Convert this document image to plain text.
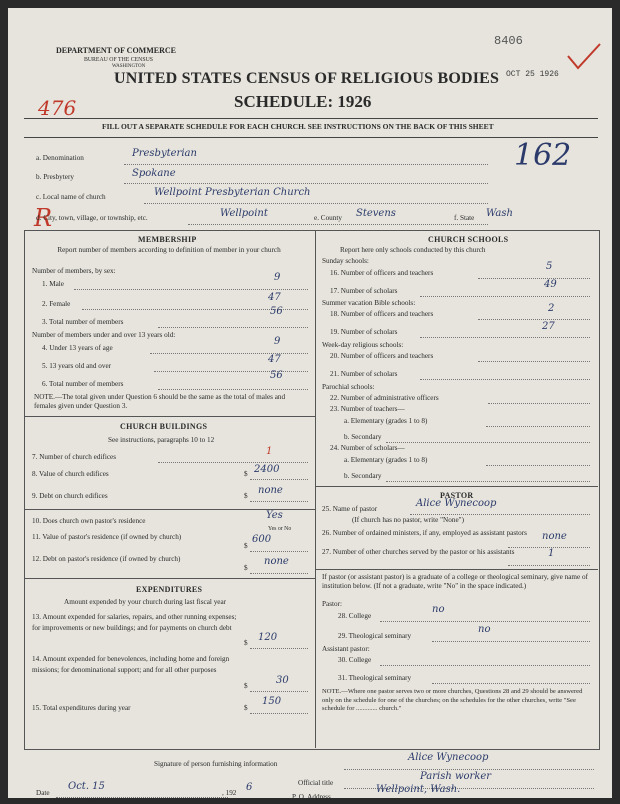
DEPARTMENT OF COMMERCE
BUREAU OF THE CENSUS
WASHINGTON
8406
OCT 25 1926
UNITED STATES CENSUS OF RELIGIOUS BODIES
SCHEDULE: 1926
476
FILL OUT A SEPARATE SCHEDULE FOR EACH CHURCH. SEE INSTRUCTIONS ON THE BACK OF THIS SHEET
162
R
a. Denomination	Presbyterian
b. Presbytery	Spokane
c. Local name of church	Wellpoint Presbyterian Church
d. City, town, village, or township, etc.	Wellpoint	e. County Stevens	f. State Wash
MEMBERSHIP
Report number of members according to definition of member in your church
Number of members, by sex:
1. Male
9
2. Female
47
3. Total number of members
56
Number of members under and over 13 years old:
4. Under 13 years of age
9
5. 13 years old and over
47
6. Total number of members
56
NOTE.—The total given under Question 6 should be the same as the total of males and females given under Question 3.
CHURCH BUILDINGS
See instructions, paragraphs 10 to 12
7. Number of church edifices	1
8. Value of church edifices	$ 2400
9. Debt on church edifices	$ none
10. Does church own pastor's residence	Yes
Yes or No
11. Value of pastor's residence (if owned by church)
$
600
12. Debt on pastor's residence (if owned by church)
$
none
EXPENDITURES
Amount expended by your church during last fiscal year
13. Amount expended for salaries, repairs, and other running expenses; for improvements or new buildings; and for payments on church debt
$ 120
14. Amount expended for benevolences, including home and foreign missions; for denominational support; and for all other purposes
$	30
15. Total expenditures during year	$
150
CHURCH SCHOOLS
Report here only schools conducted by this church
Sunday schools:
16. Number of officers and teachers
5
17. Number of scholars
49
Summer vacation Bible schools:
18. Number of officers and teachers	2
19. Number of scholars	27
Week-day religious schools:
20. Number of officers and teachers
21. Number of scholars
Parochial schools:
22. Number of administrative officers
23. Number of teachers—
a. Elementary (grades 1 to 8)
b. Secondary
24. Number of scholars—
a. Elementary (grades 1 to 8)
b. Secondary
PASTOR
25. Name of pastor	Alice Wynecoop
(If church has no pastor, write "None")
26. Number of ordained ministers, if any, employed as assistant pastors	none
27. Number of other churches served by the pastor or his assistants	1
If pastor (or assistant pastor) is a graduate of a college or theological seminary, give name of institution below. (If not a graduate, write "No" in the space indicated.)
Pastor:
28. College
no
29. Theological seminary
no
Assistant pastor:
30. College
31. Theological seminary
NOTE.—Where one pastor serves two or more churches, Questions 28 and 29 should be answered only on the schedule for one of the churches; on the schedules for the other churches, write "See schedule for ............. church."
Signature of person furnishing information
Alice Wynecoop
Official title
Parish worker
Date
Oct. 15
, 192 6
P. O. Address
Wellpoint, Wash.
8—5318 a 11—9054d
